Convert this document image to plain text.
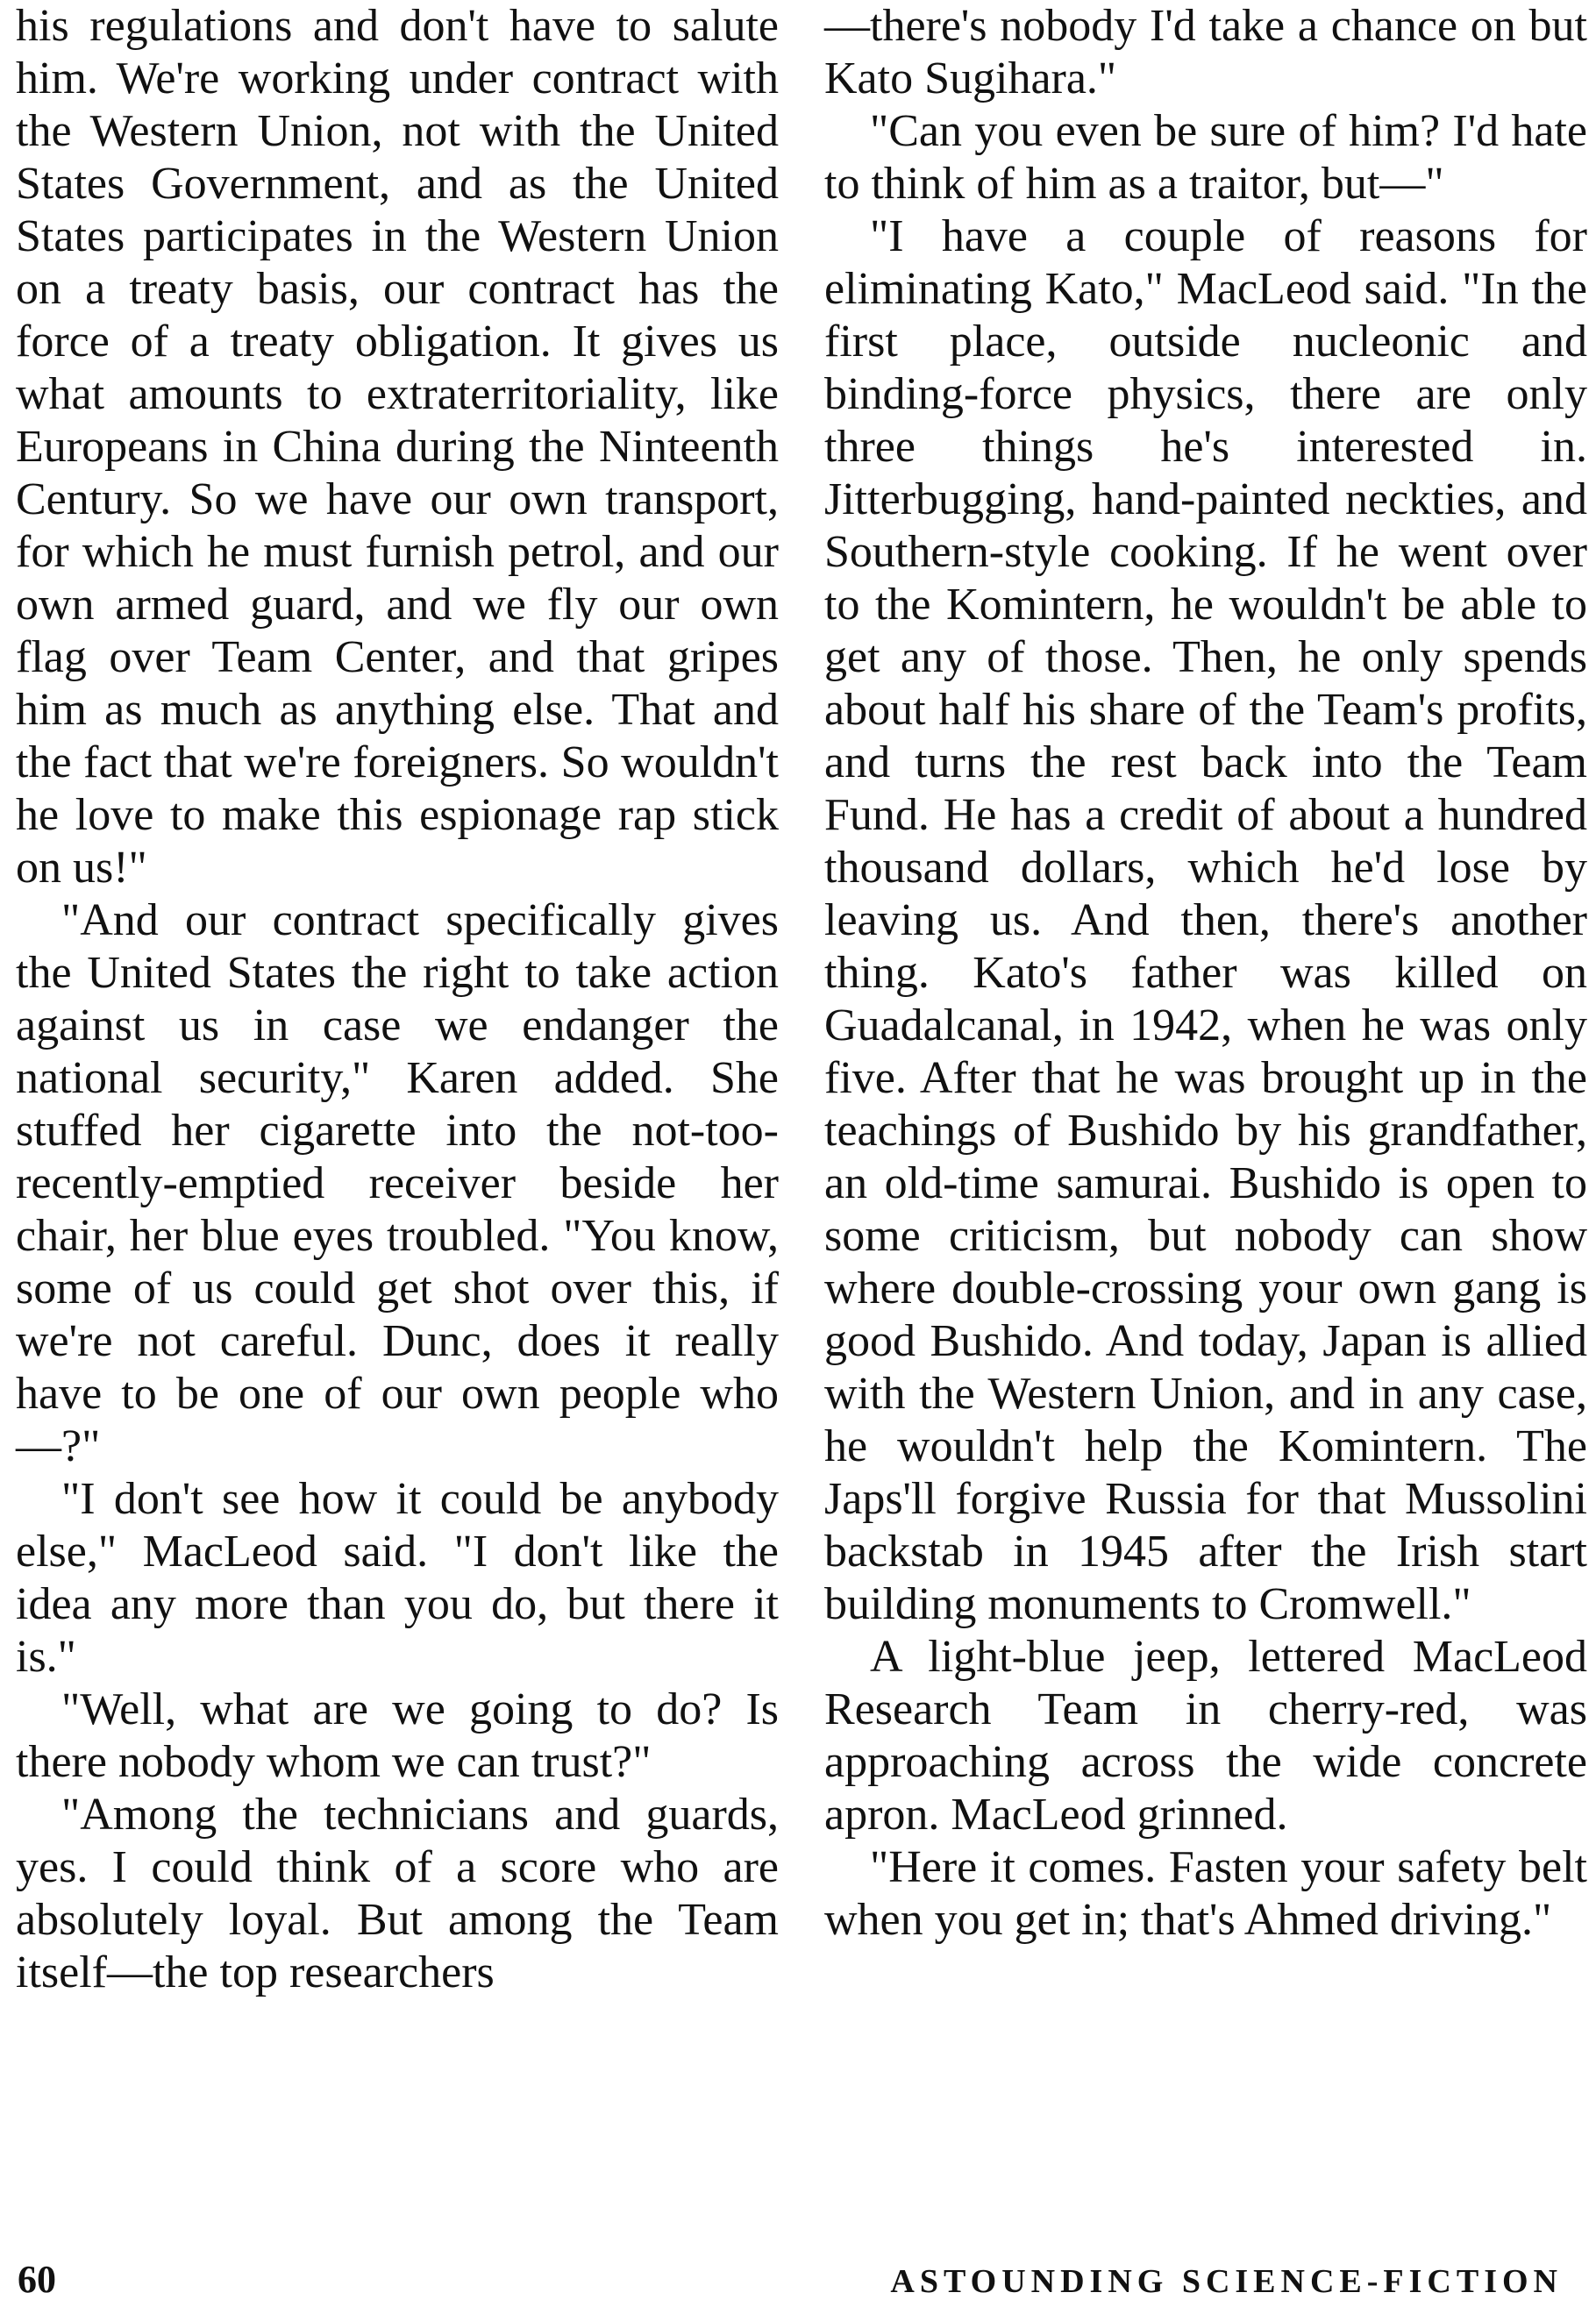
his regulations and don't have to salute him. We're working under contract with the Western Union, not with the United States Government, and as the United States participates in the Western Union on a treaty basis, our contract has the force of a treaty obligation. It gives us what amounts to extraterritoriality, like Europeans in China during the Ninteenth Century. So we have our own transport, for which he must furnish petrol, and our own armed guard, and we fly our own flag over Team Center, and that gripes him as much as anything else. That and the fact that we're foreigners. So wouldn't he love to make this espionage rap stick on us!"

"And our contract specifically gives the United States the right to take action against us in case we endanger the national security," Karen added. She stuffed her cigarette into the not-too-recently-emptied receiver beside her chair, her blue eyes troubled. "You know, some of us could get shot over this, if we're not careful. Dunc, does it really have to be one of our own people who—?"

"I don't see how it could be anybody else," MacLeod said. "I don't like the idea any more than you do, but there it is."

"Well, what are we going to do? Is there nobody whom we can trust?"

"Among the technicians and guards, yes. I could think of a score who are absolutely loyal. But among the Team itself—the top researchers

—there's nobody I'd take a chance on but Kato Sugihara."

"Can you even be sure of him? I'd hate to think of him as a traitor, but—"

"I have a couple of reasons for eliminating Kato," MacLeod said. "In the first place, outside nucleonic and binding-force physics, there are only three things he's interested in. Jitterbugging, hand-painted neckties, and Southern-style cooking. If he went over to the Komintern, he wouldn't be able to get any of those. Then, he only spends about half his share of the Team's profits, and turns the rest back into the Team Fund. He has a credit of about a hundred thousand dollars, which he'd lose by leaving us. And then, there's another thing. Kato's father was killed on Guadalcanal, in 1942, when he was only five. After that he was brought up in the teachings of Bushido by his grandfather, an old-time samurai. Bushido is open to some criticism, but nobody can show where double-crossing your own gang is good Bushido. And today, Japan is allied with the Western Union, and in any case, he wouldn't help the Komintern. The Japs'll forgive Russia for that Mussolini backstab in 1945 after the Irish start building monuments to Cromwell."

A light-blue jeep, lettered MacLeod Research Team in cherry-red, was approaching across the wide concrete apron. MacLeod grinned.

"Here it comes. Fasten your safety belt when you get in; that's Ahmed driving."

60	ASTOUNDING SCIENCE-FICTION
